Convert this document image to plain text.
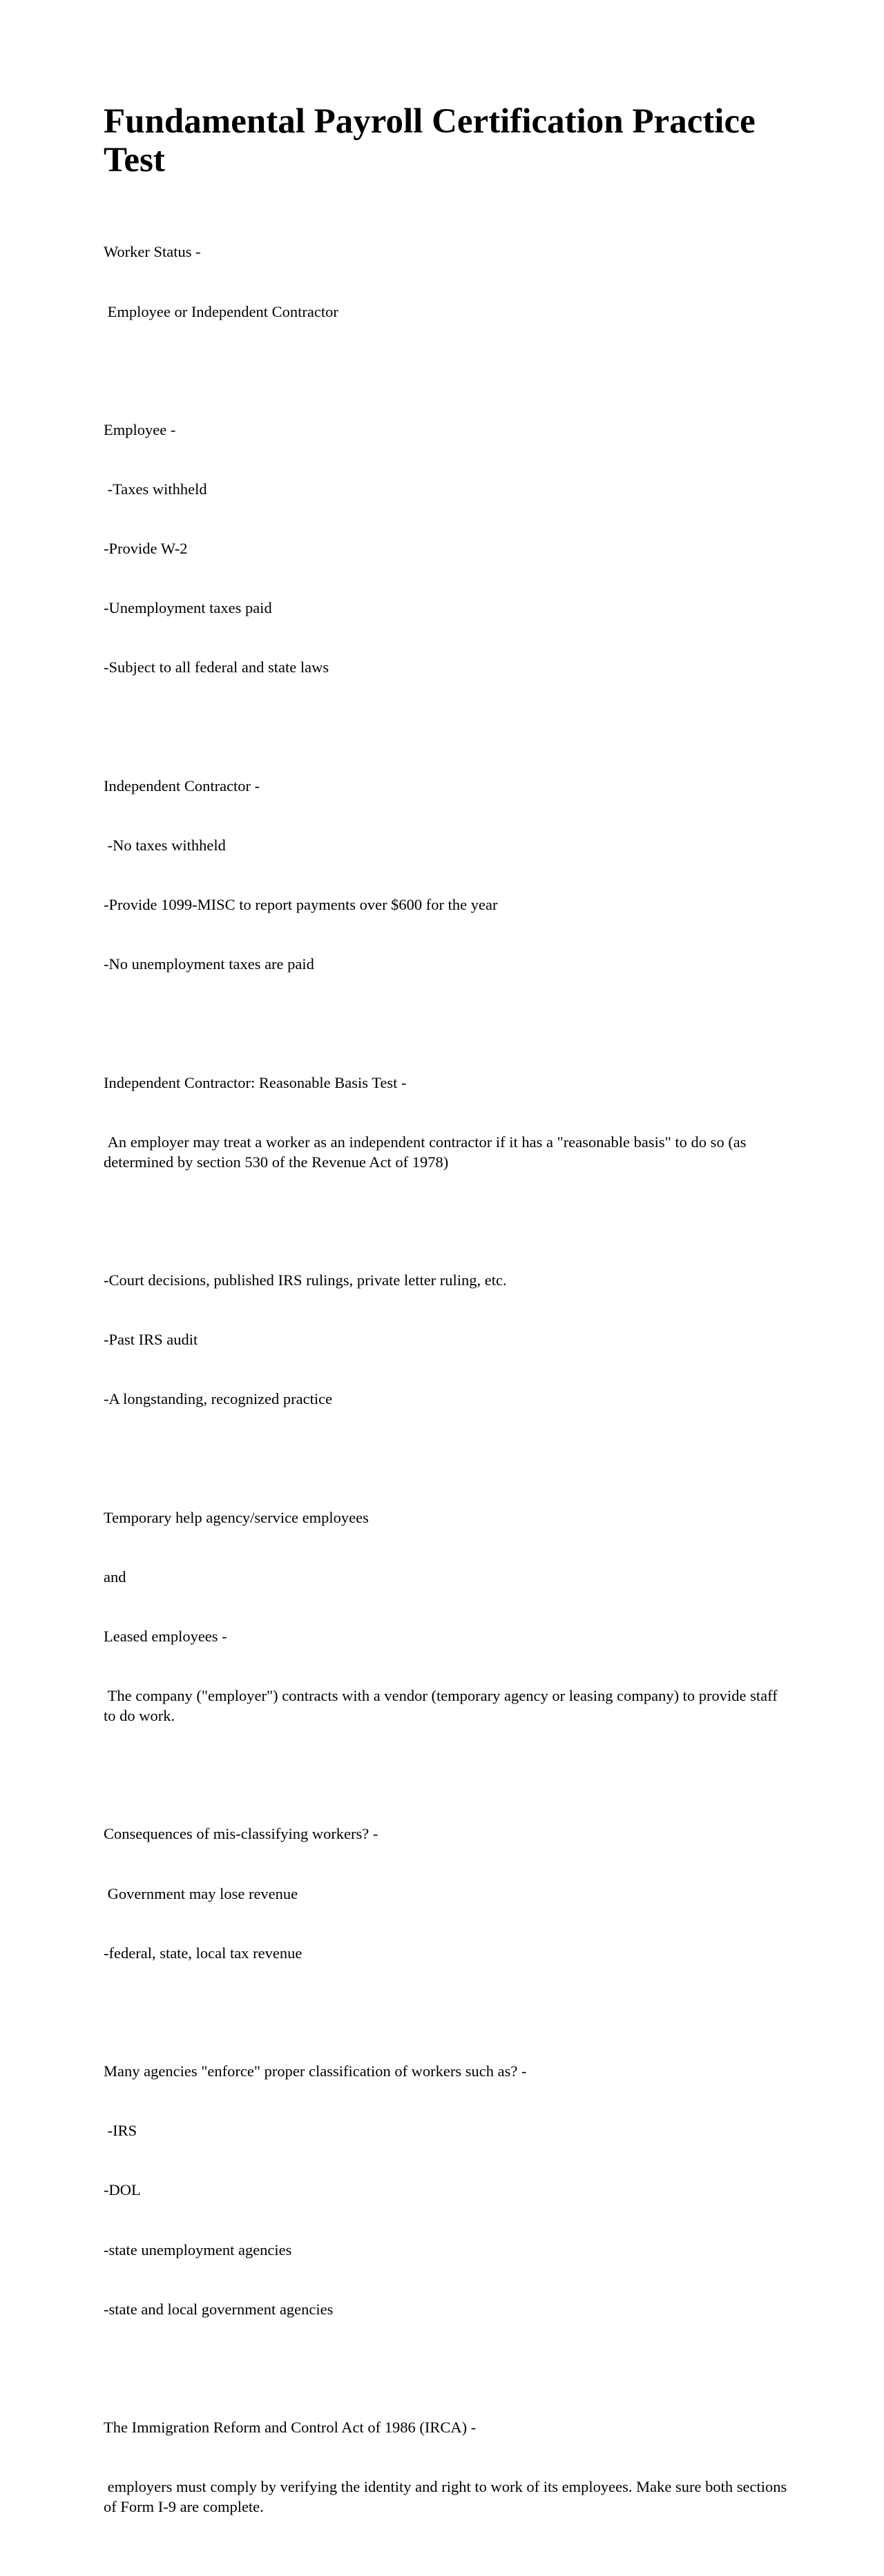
Fundamental Payroll Certification Practice Test

Worker Status -

Employee or Independent Contractor

Employee -

-Taxes withheld

-Provide W-2

-Unemployment taxes paid

-Subject to all federal and state laws

Independent Contractor -

-No taxes withheld

-Provide 1099-MISC to report payments over $600 for the year

-No unemployment taxes are paid

Independent Contractor: Reasonable Basis Test -

An employer may treat a worker as an independent contractor if it has a "reasonable basis" to do so (as determined by section 530 of the Revenue Act of 1978)

-Court decisions, published IRS rulings, private letter ruling, etc.

-Past IRS audit

-A longstanding, recognized practice

Temporary help agency/service employees

and

Leased employees -

The company ("employer") contracts with a vendor (temporary agency or leasing company) to provide staff to do work.

Consequences of mis-classifying workers? -

Government may lose revenue

-federal, state, local tax revenue

Many agencies "enforce" proper classification of workers such as? -

-IRS

-DOL

-state unemployment agencies

-state and local government agencies

The Immigration Reform and Control Act of 1986 (IRCA) -

employers must comply by verifying the identity and right to work of its employees. Make sure both sections of Form I-9 are complete.
